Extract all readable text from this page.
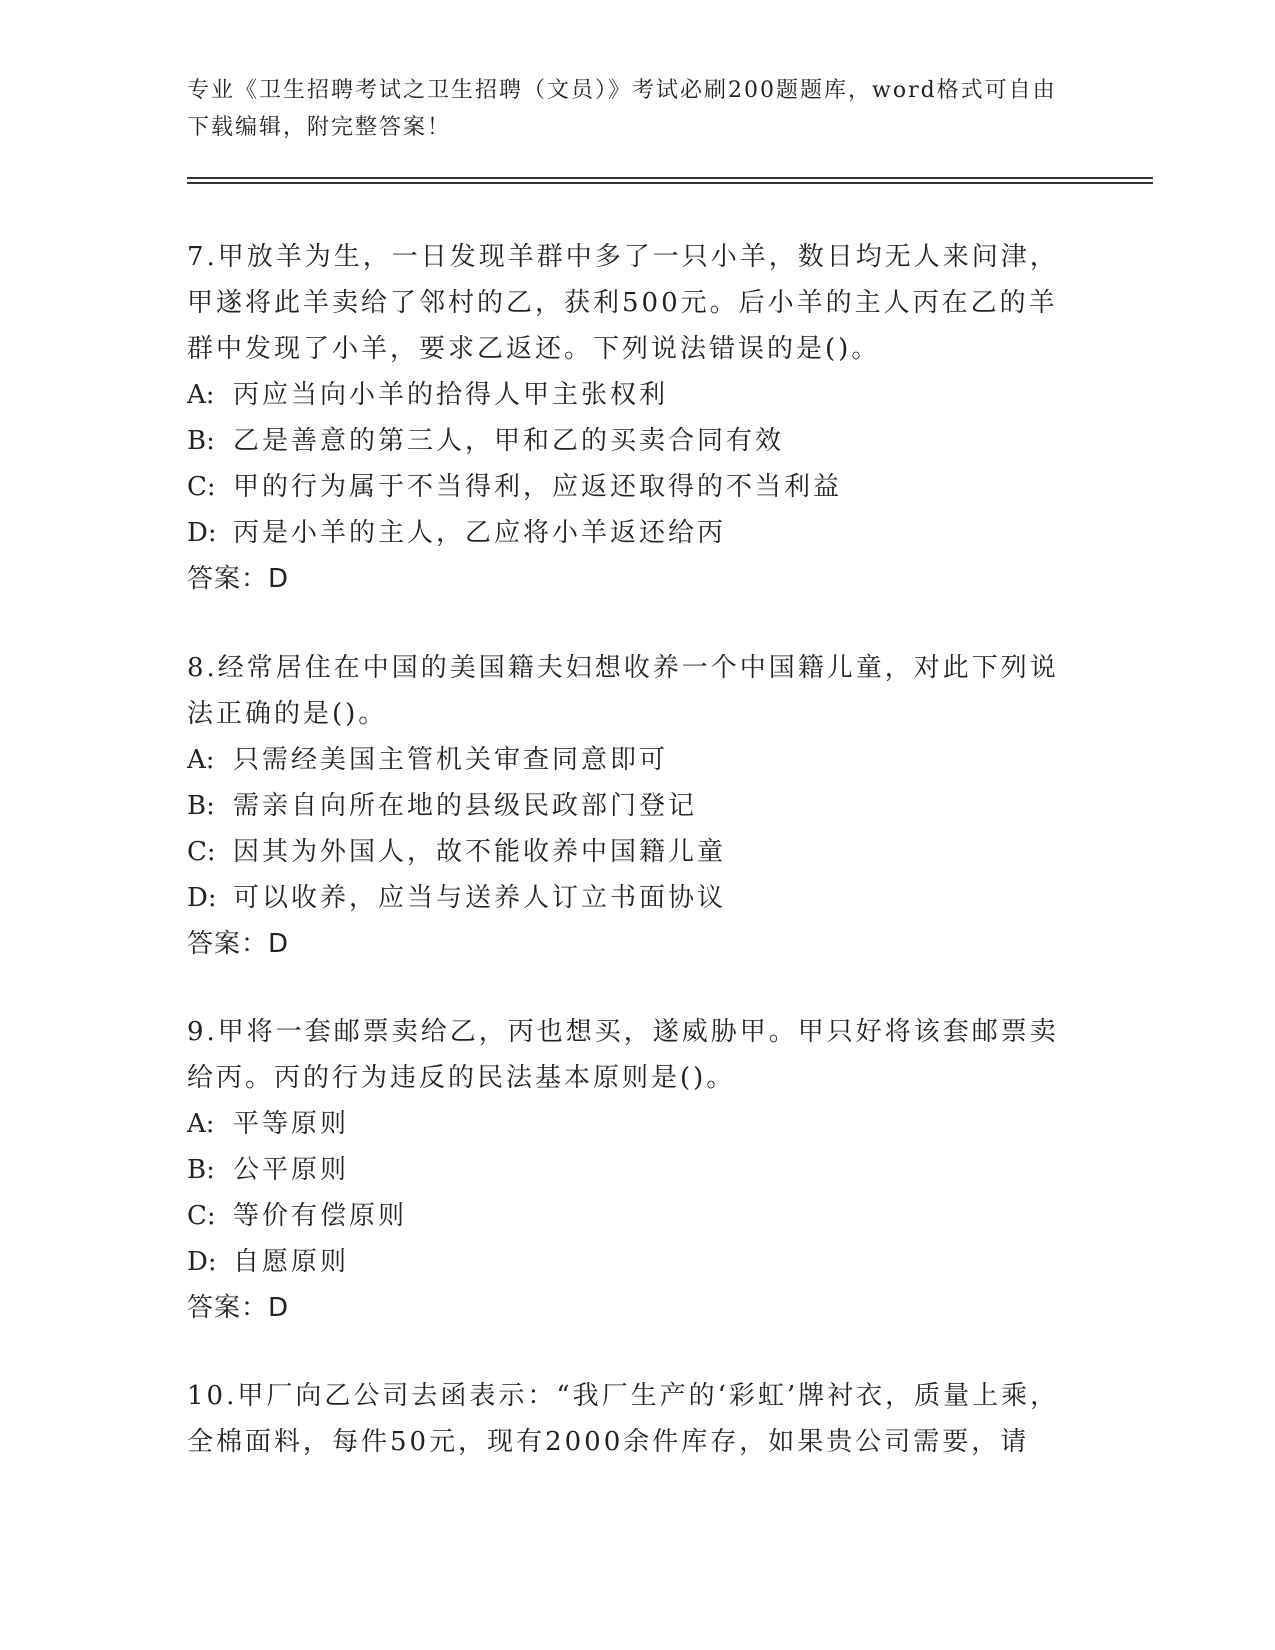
专业《卫生招聘考试之卫生招聘（文员）》考试必刷200题题库，word格式可自由下载编辑，附完整答案！
7.甲放羊为生，一日发现羊群中多了一只小羊，数日均无人来问津，甲遂将此羊卖给了邻村的乙，获利500元。后小羊的主人丙在乙的羊群中发现了小羊，要求乙返还。下列说法错误的是()。
A: 丙应当向小羊的拾得人甲主张权利
B: 乙是善意的第三人，甲和乙的买卖合同有效
C: 甲的行为属于不当得利，应返还取得的不当利益
D: 丙是小羊的主人，乙应将小羊返还给丙
答案：D
8.经常居住在中国的美国籍夫妇想收养一个中国籍儿童，对此下列说法正确的是()。
A: 只需经美国主管机关审查同意即可
B: 需亲自向所在地的县级民政部门登记
C: 因其为外国人，故不能收养中国籍儿童
D: 可以收养，应当与送养人订立书面协议
答案：D
9.甲将一套邮票卖给乙，丙也想买，遂威胁甲。甲只好将该套邮票卖给丙。丙的行为违反的民法基本原则是()。
A: 平等原则
B: 公平原则
C: 等价有偿原则
D: 自愿原则
答案：D
10.甲厂向乙公司去函表示：“我厂生产的‘彩虹’牌衬衣，质量上乘，全棉面料，每件50元，现有2000余件库存，如果贵公司需要，请
